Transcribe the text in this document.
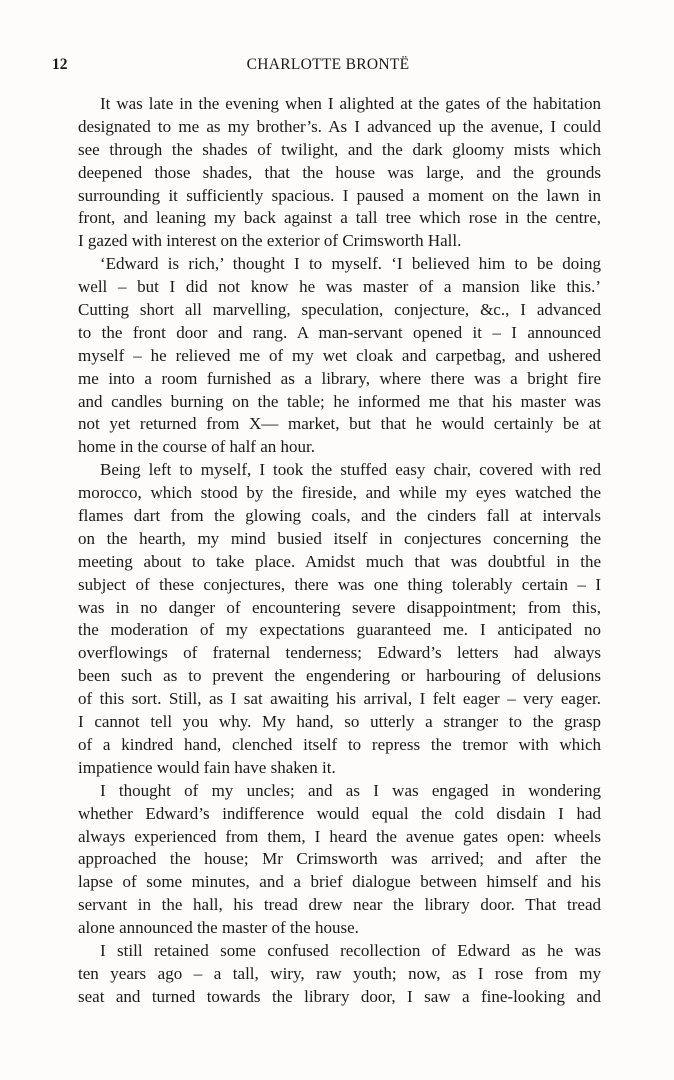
12	CHARLOTTE BRONTË
It was late in the evening when I alighted at the gates of the habitation
designated to me as my brother’s. As I advanced up the avenue, I could
see through the shades of twilight, and the dark gloomy mists which
deepened those shades, that the house was large, and the grounds
surrounding it sufficiently spacious. I paused a moment on the lawn in
front, and leaning my back against a tall tree which rose in the centre,
I gazed with interest on the exterior of Crimsworth Hall.
‘Edward is rich,’ thought I to myself. ‘I believed him to be doing
well – but I did not know he was master of a mansion like this.’
Cutting short all marvelling, speculation, conjecture, &c., I advanced
to the front door and rang. A man-servant opened it – I announced
myself – he relieved me of my wet cloak and carpetbag, and ushered
me into a room furnished as a library, where there was a bright fire
and candles burning on the table; he informed me that his master was
not yet returned from X— market, but that he would certainly be at
home in the course of half an hour.
Being left to myself, I took the stuffed easy chair, covered with red
morocco, which stood by the fireside, and while my eyes watched the
flames dart from the glowing coals, and the cinders fall at intervals
on the hearth, my mind busied itself in conjectures concerning the
meeting about to take place. Amidst much that was doubtful in the
subject of these conjectures, there was one thing tolerably certain – I
was in no danger of encountering severe disappointment; from this,
the moderation of my expectations guaranteed me. I anticipated no
overflowings of fraternal tenderness; Edward’s letters had always
been such as to prevent the engendering or harbouring of delusions
of this sort. Still, as I sat awaiting his arrival, I felt eager – very eager.
I cannot tell you why. My hand, so utterly a stranger to the grasp
of a kindred hand, clenched itself to repress the tremor with which
impatience would fain have shaken it.
I thought of my uncles; and as I was engaged in wondering
whether Edward’s indifference would equal the cold disdain I had
always experienced from them, I heard the avenue gates open: wheels
approached the house; Mr Crimsworth was arrived; and after the
lapse of some minutes, and a brief dialogue between himself and his
servant in the hall, his tread drew near the library door. That tread
alone announced the master of the house.
I still retained some confused recollection of Edward as he was
ten years ago – a tall, wiry, raw youth; now, as I rose from my
seat and turned towards the library door, I saw a fine-looking and
